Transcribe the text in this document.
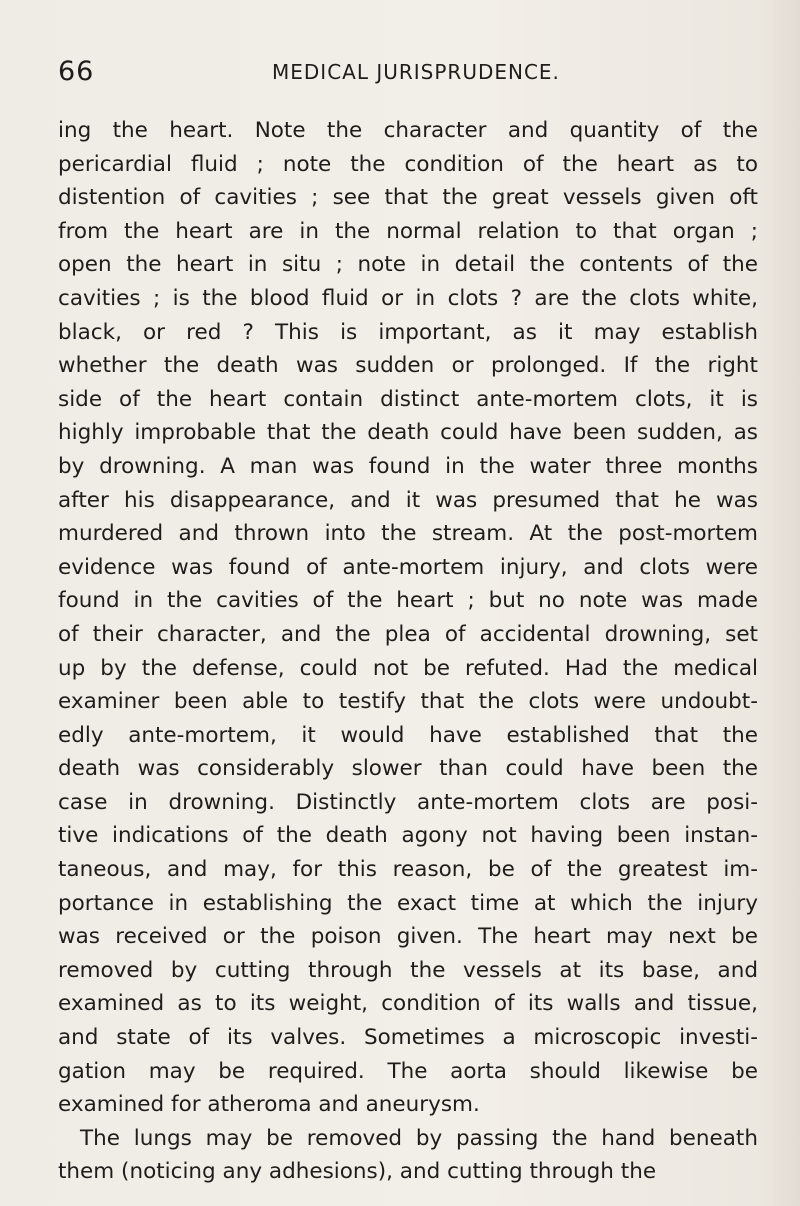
66	MEDICAL JURISPRUDENCE.
ing the heart. Note the character and quantity of the
pericardial fluid ; note the condition of the heart as to
distention of cavities ; see that the great vessels given oft
from the heart are in the normal relation to that organ ;
open the heart in situ ; note in detail the contents of the
cavities ; is the blood fluid or in clots ? are the clots white,
black, or red ? This is important, as it may establish
whether the death was sudden or prolonged. If the right
side of the heart contain distinct ante-mortem clots, it is
highly improbable that the death could have been sudden, as
by drowning. A man was found in the water three months
after his disappearance, and it was presumed that he was
murdered and thrown into the stream. At the post-mortem
evidence was found of ante-mortem injury, and clots were
found in the cavities of the heart ; but no note was made
of their character, and the plea of accidental drowning, set
up by the defense, could not be refuted. Had the medical
examiner been able to testify that the clots were undoubt-
edly ante-mortem, it would have established that the
death was considerably slower than could have been the
case in drowning. Distinctly ante-mortem clots are posi-
tive indications of the death agony not having been instan-
taneous, and may, for this reason, be of the greatest im-
portance in establishing the exact time at which the injury
was received or the poison given. The heart may next be
removed by cutting through the vessels at its base, and
examined as to its weight, condition of its walls and tissue,
and state of its valves. Sometimes a microscopic investi-
gation may be required. The aorta should likewise be
examined for atheroma and aneurysm.
The lungs may be removed by passing the hand beneath
them (noticing any adhesions), and cutting through the
